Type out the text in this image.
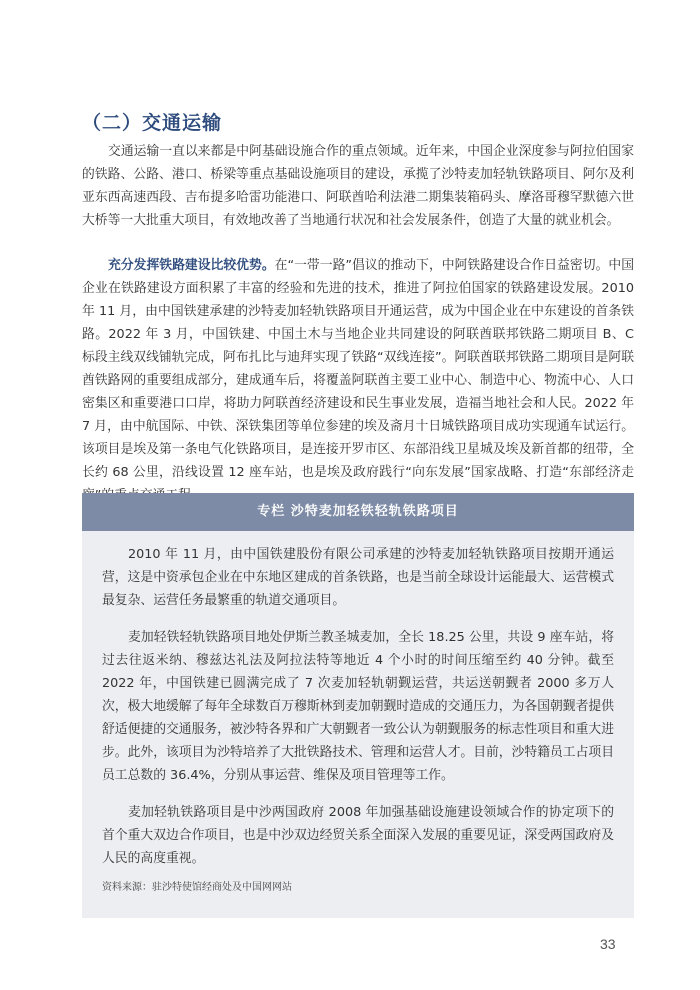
（二）交通运输

交通运输一直以来都是中阿基础设施合作的重点领域。近年来，中国企业深度参与阿拉伯国家的铁路、公路、港口、桥梁等重点基础设施项目的建设，承揽了沙特麦加轻轨铁路项目、阿尔及利亚东西高速西段、吉布提多哈雷功能港口、阿联酋哈利法港二期集装箱码头、摩洛哥穆罕默德六世大桥等一大批重大项目，有效地改善了当地通行状况和社会发展条件，创造了大量的就业机会。

充分发挥铁路建设比较优势。在“一带一路”倡议的推动下，中阿铁路建设合作日益密切。中国企业在铁路建设方面积累了丰富的经验和先进的技术，推进了阿拉伯国家的铁路建设发展。2010 年 11 月，由中国铁建承建的沙特麦加轻轨铁路项目开通运营，成为中国企业在中东建设的首条铁路。2022 年 3 月，中国铁建、中国土木与当地企业共同建设的阿联酋联邦铁路二期项目 B、C 标段主线双线铺轨完成，阿布扎比与迪拜实现了铁路“双线连接”。阿联酋联邦铁路二期项目是阿联酋铁路网的重要组成部分，建成通车后，将覆盖阿联酋主要工业中心、制造中心、物流中心、人口密集区和重要港口口岸，将助力阿联酋经济建设和民生事业发展，造福当地社会和人民。2022 年 7 月，由中航国际、中铁、深铁集团等单位参建的埃及斋月十日城铁路项目成功实现通车试运行。该项目是埃及第一条电气化铁路项目，是连接开罗市区、东部沿线卫星城及埃及新首都的纽带，全长约 68 公里，沿线设置 12 座车站，也是埃及政府践行“向东发展”国家战略、打造“东部经济走

专栏 沙特麦加轻铁轻轨铁路项目

2010 年 11 月，由中国铁建股份有限公司承建的沙特麦加轻轨铁路项目按期开通运营，这是中资承包企业在中东地区建成的首条铁路，也是当前全球设计运能最大、运营模式最复杂、运营任务最繁重的轨道交通项目。

麦加轻铁轻轨铁路项目地处伊斯兰教圣城麦加，全长 18.25 公里，共设 9 座车站，将过去往返米纳、穆兹达礼法及阿拉法特等地近 4 个小时的时间压缩至约 40 分钟。截至 2022 年，中国铁建已圆满完成了 7 次麦加轻轨朝觐运营，共运送朝觐者 2000 多万人次，极大地缓解了每年全球数百万穆斯林到麦加朝觐时造成的交通压力，为各国朝觐者提供舒适便捷的交通服务，被沙特各界和广大朝觐者一致公认为朝觐服务的标志性项目和重大进步。此外，该项目为沙特培养了大批铁路技术、管理和运营人才。目前，沙特籍员工占项目员工总数的 36.4%，分别从事运营、维保及项目管理等工作。

麦加轻轨铁路项目是中沙两国政府 2008 年加强基础设施建设领域合作的协定项下的首个重大双边合作项目，也是中沙双边经贸关系全面深入发展的重要见证，深受两国政府及人民的高度重视。

资料来源：驻沙特使馆经商处及中国网网站

33
